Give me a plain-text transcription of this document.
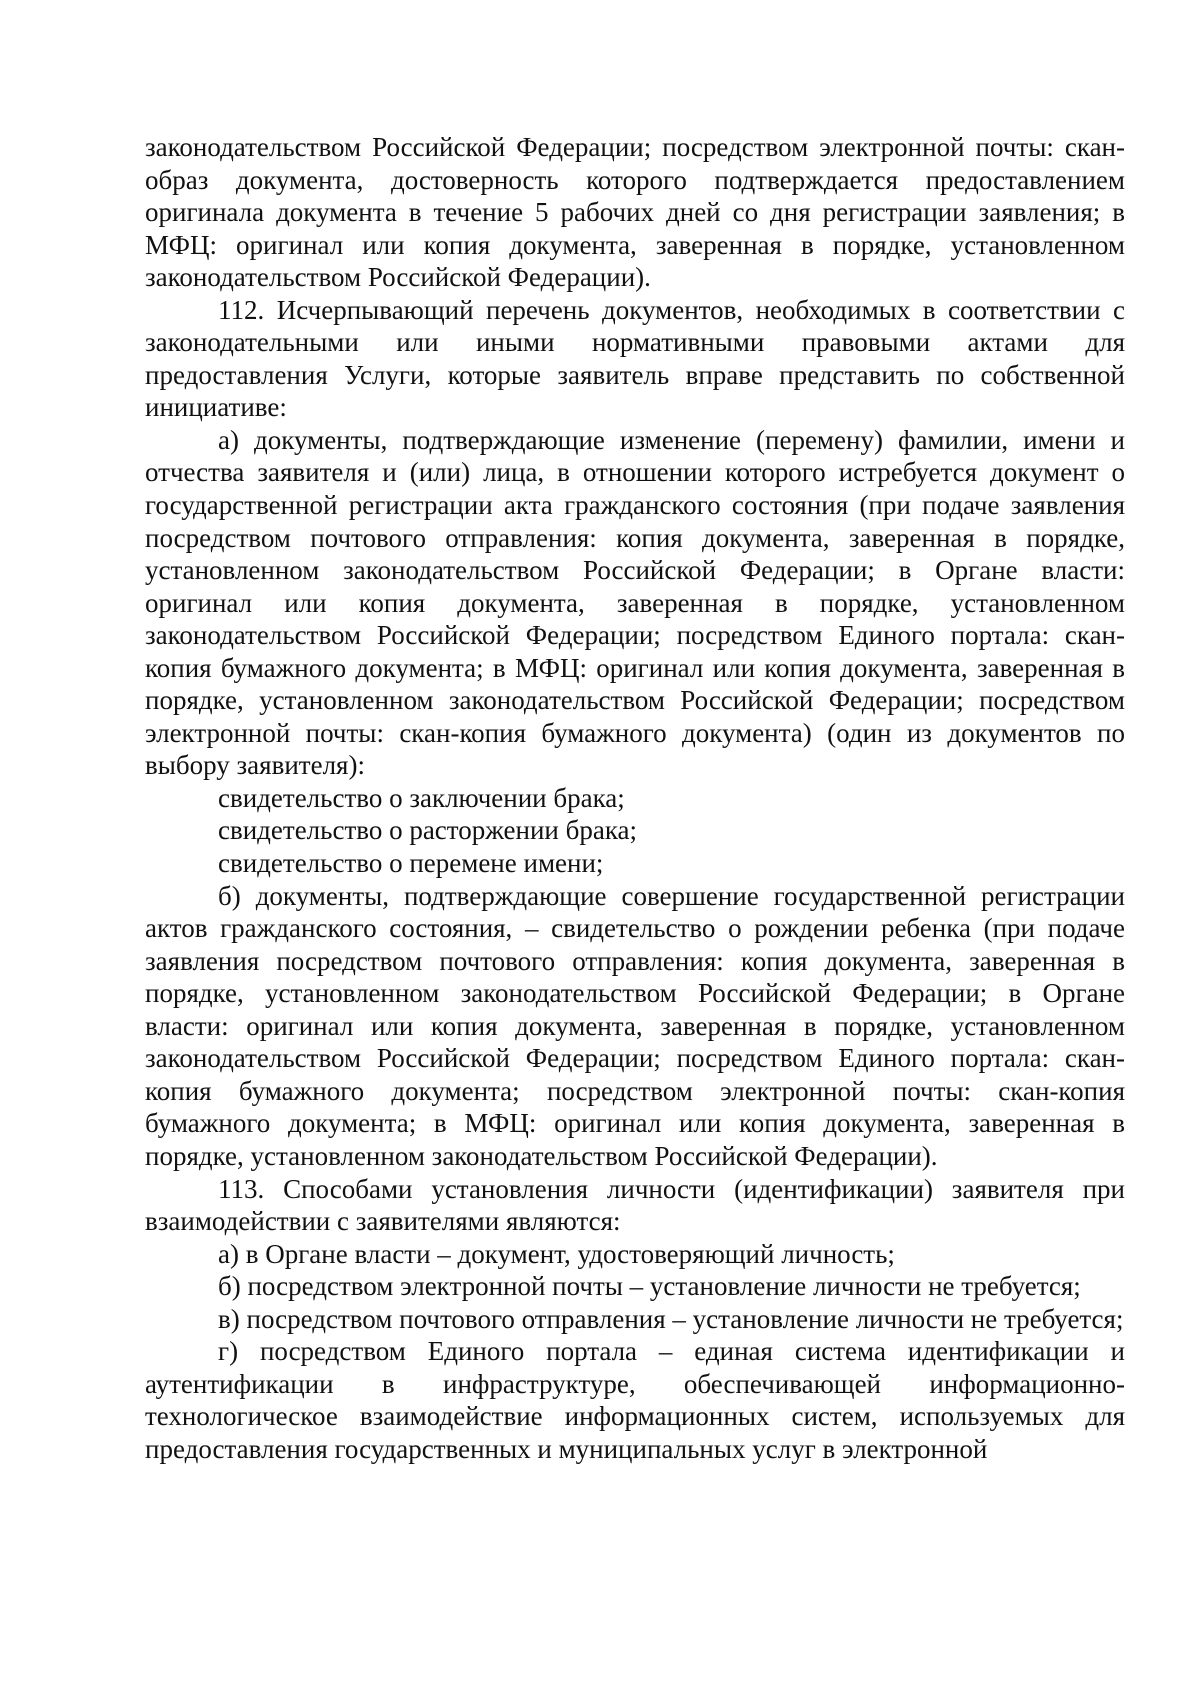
законодательством Российской Федерации; посредством электронной почты: скан-образ документа, достоверность которого подтверждается предоставлением оригинала документа в течение 5 рабочих дней со дня регистрации заявления; в МФЦ: оригинал или копия документа, заверенная в порядке, установленном законодательством Российской Федерации).

112. Исчерпывающий перечень документов, необходимых в соответствии с законодательными или иными нормативными правовыми актами для предоставления Услуги, которые заявитель вправе представить по собственной инициативе:

а) документы, подтверждающие изменение (перемену) фамилии, имени и отчества заявителя и (или) лица, в отношении которого истребуется документ о государственной регистрации акта гражданского состояния (при подаче заявления посредством почтового отправления: копия документа, заверенная в порядке, установленном законодательством Российской Федерации; в Органе власти: оригинал или копия документа, заверенная в порядке, установленном законодательством Российской Федерации; посредством Единого портала: скан-копия бумажного документа; в МФЦ: оригинал или копия документа, заверенная в порядке, установленном законодательством Российской Федерации; посредством электронной почты: скан-копия бумажного документа) (один из документов по выбору заявителя):

свидетельство о заключении брака;

свидетельство о расторжении брака;

свидетельство о перемене имени;

б) документы, подтверждающие совершение государственной регистрации актов гражданского состояния, – свидетельство о рождении ребенка (при подаче заявления посредством почтового отправления: копия документа, заверенная в порядке, установленном законодательством Российской Федерации; в Органе власти: оригинал или копия документа, заверенная в порядке, установленном законодательством Российской Федерации; посредством Единого портала: скан-копия бумажного документа; посредством электронной почты: скан-копия бумажного документа; в МФЦ: оригинал или копия документа, заверенная в порядке, установленном законодательством Российской Федерации).

113. Способами установления личности (идентификации) заявителя при взаимодействии с заявителями являются:

а) в Органе власти – документ, удостоверяющий личность;

б) посредством электронной почты – установление личности не требуется;

в) посредством почтового отправления – установление личности не требуется;

г) посредством Единого портала – единая система идентификации и аутентификации в инфраструктуре, обеспечивающей информационно-технологическое взаимодействие информационных систем, используемых для предоставления государственных и муниципальных услуг в электронной
